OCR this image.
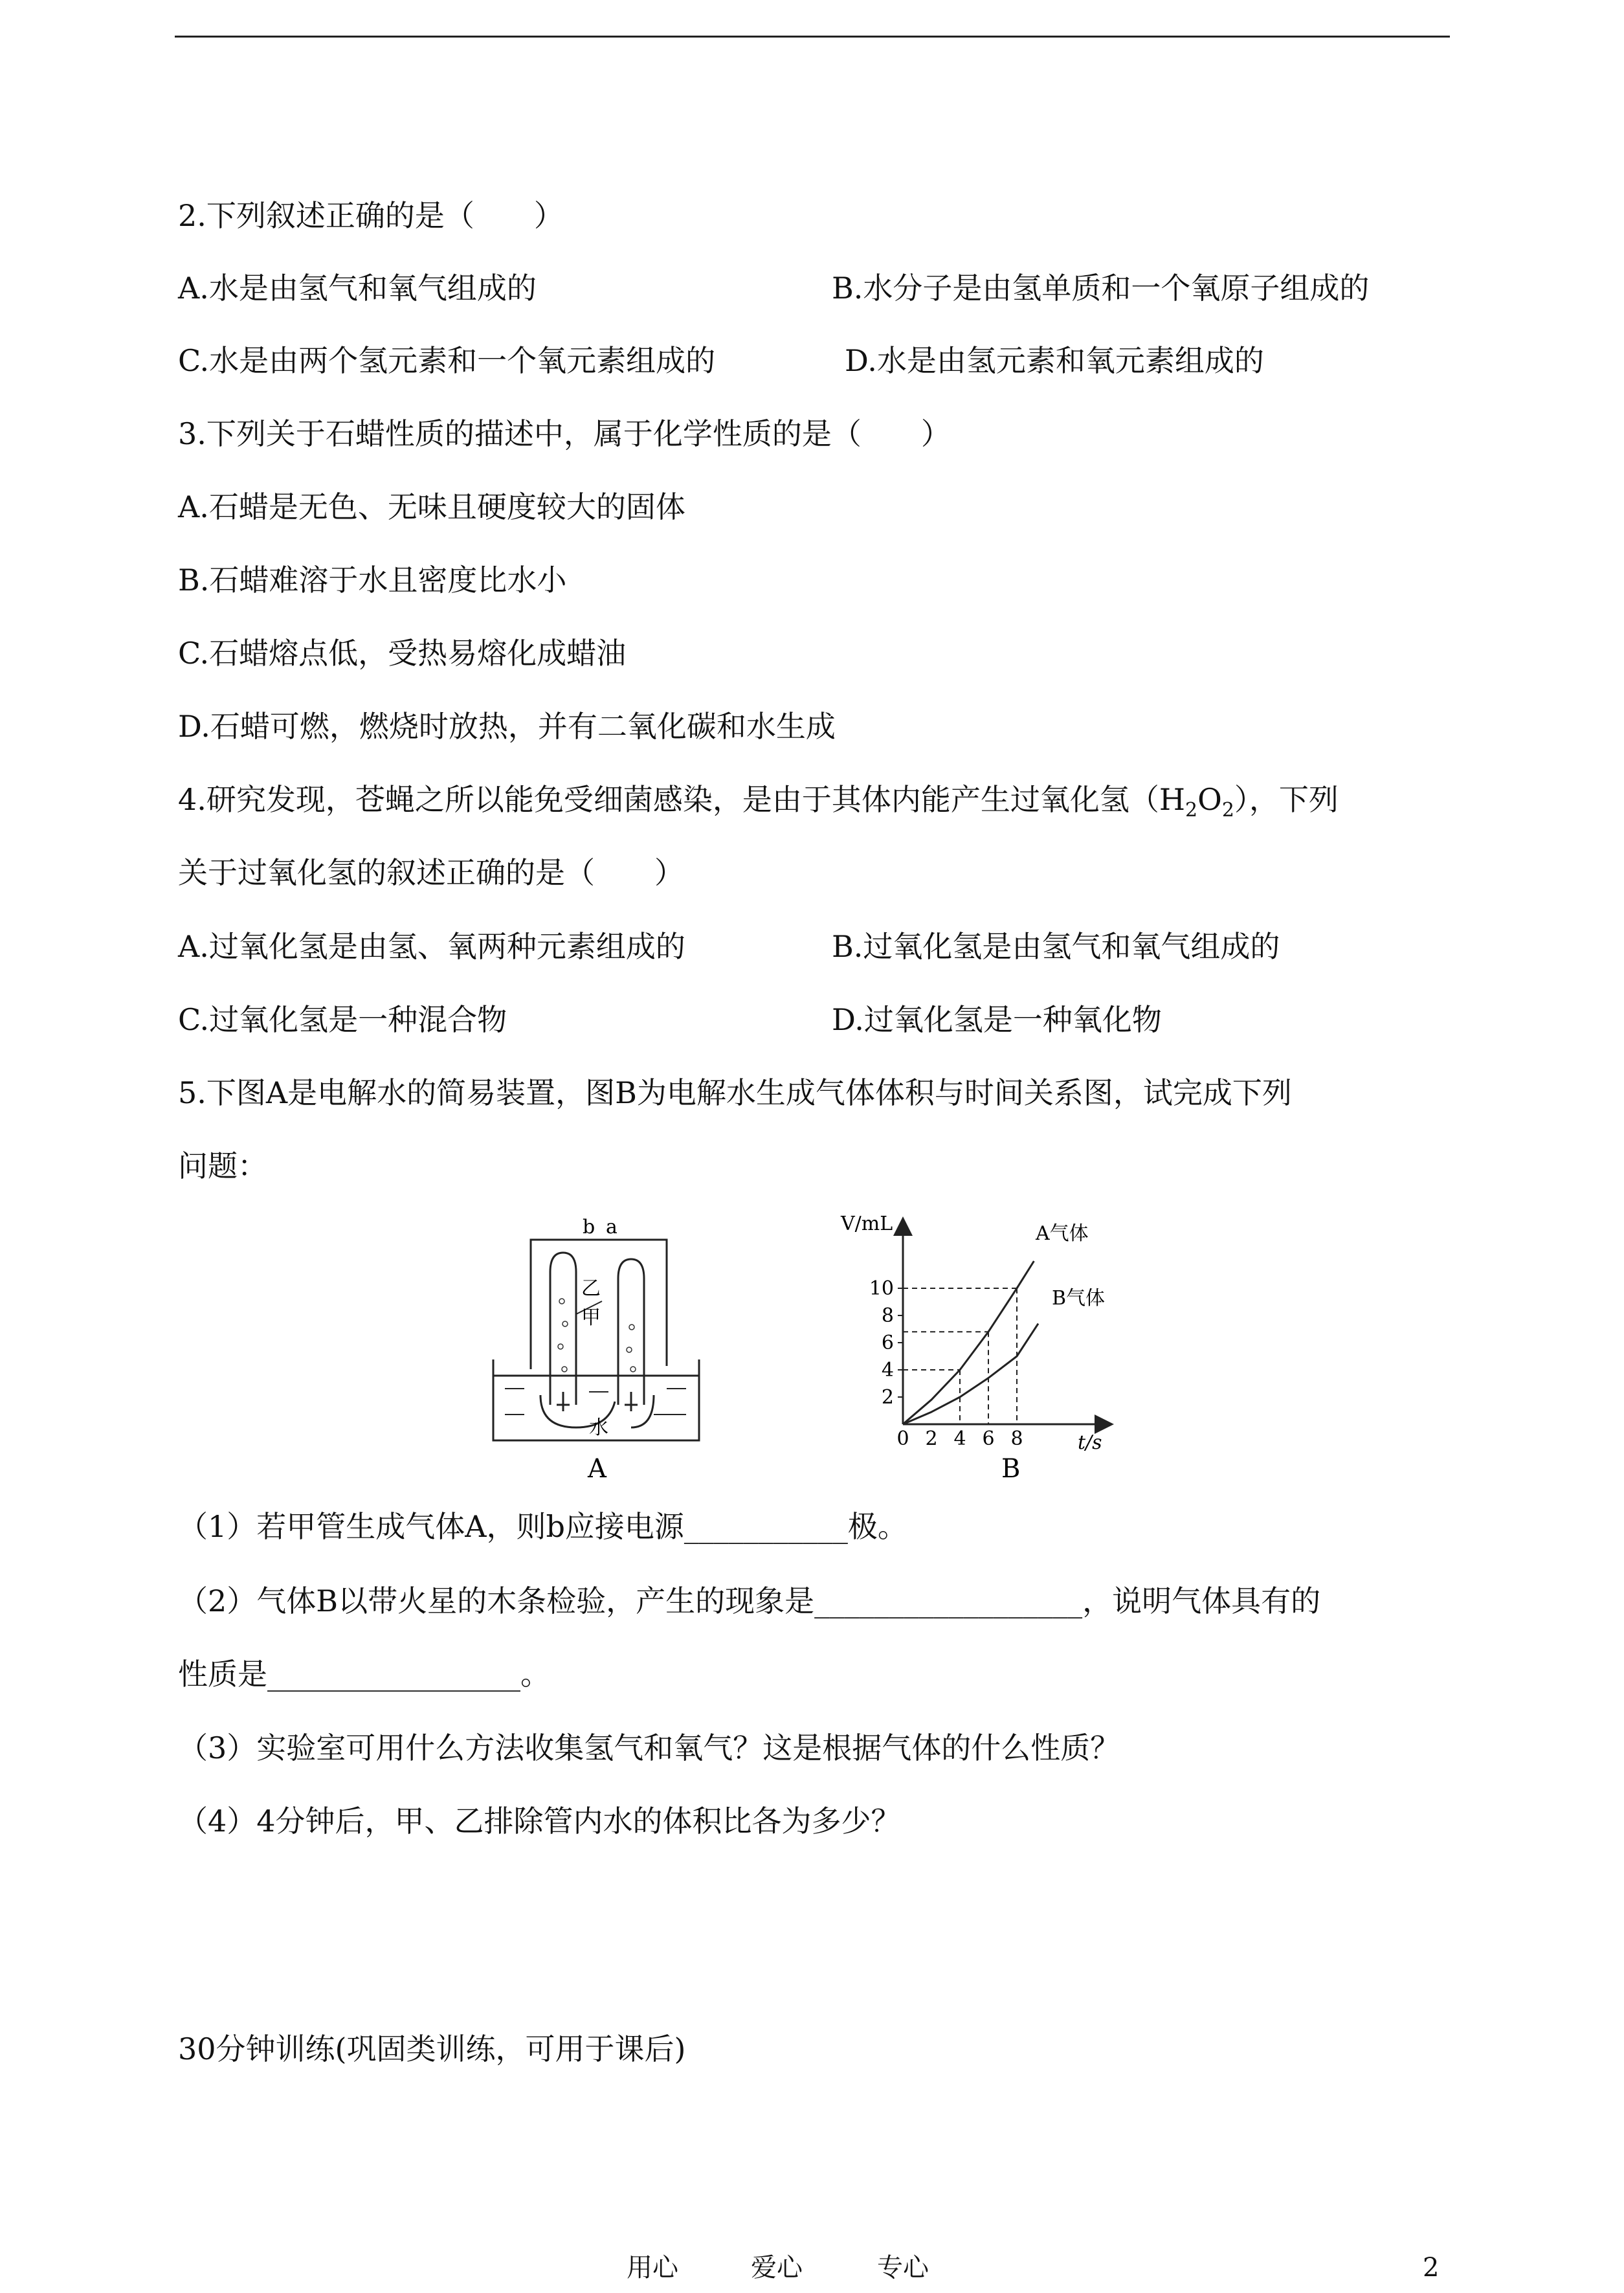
2.下列叙述正确的是（　　）
A.水是由氢气和氧气组成的	B.水分子是由氢单质和一个氧原子组成的
C.水是由两个氢元素和一个氧元素组成的	D.水是由氢元素和氧元素组成的
3.下列关于石蜡性质的描述中，属于化学性质的是（　　）
A.石蜡是无色、无味且硬度较大的固体
B.石蜡难溶于水且密度比水小
C.石蜡熔点低，受热易熔化成蜡油
D.石蜡可燃，燃烧时放热，并有二氧化碳和水生成
4.研究发现，苍蝇之所以能免受细菌感染，是由于其体内能产生过氧化氢$(H_2O_2)$，下列
关于过氧化氢的叙述正确的是（　　）
A.过氧化氢是由氢、氧两种元素组成的	B.过氧化氢是由氢气和氧气组成的
C.过氧化氢是一种混合物	D.过氧化氢是一种氧化物
5.下图A是电解水的简易装置，图B为电解水生成气体体积与时间关系图，试完成下列
问题：
b a
乙
甲
水
A
10
8
6
4
2
0 2 4 6 8
V/mL
t/s
A气体
B气体
B
（1）若甲管生成气体A，则b应接电源___________极。
（2）气体B以带火星的木条检验，产生的现象是__________________，说明气体具有的
性质是_________________。
（3）实验室可用什么方法收集氢气和氧气？这是根据气体的什么性质？
（4）4分钟后，甲、乙排除管内水的体积比各为多少？
30分钟训练(巩固类训练，可用于课后)
用心	爱心	专心	2
